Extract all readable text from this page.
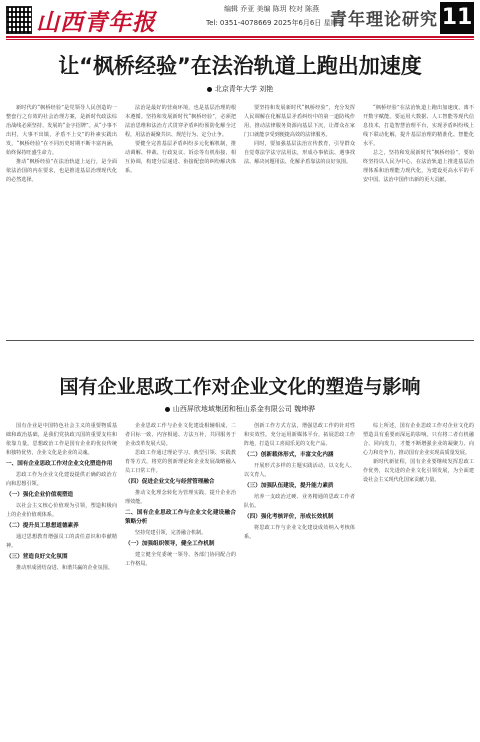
山西青年报	编辑 乔亚 美编 陈玥 校对 陈燕
Tel: 0351-4078669 2025年6月6日 星期五
青年理论研究 11
让“枫桥经验”在法治轨道上跑出加速度
北京青年大学 刘艳

新时代的“枫桥经验”是党领导人民创造的一整套行之有效的社会治理方案，是新时代政法综治战线必须坚持、发展的“金字招牌”。从“小事不出村，大事不出镇，矛盾不上交”的朴素实践出发，“枫桥经验”在不同历史时期不断丰富内涵，始终保持旺盛生命力。

推动“枫桥经验”在法治轨道上运行，是全面依法治国的内在要求，也是推进基层治理现代化的必然选择。

法治是最好的营商环境，也是基层治理的根本遵循。坚持和发展新时代“枫桥经验”，必须把法治思维和法治方式贯穿矛盾纠纷预防化解全过程，用法治凝聚共识、规范行为、定分止争。

要健全完善基层矛盾纠纷多元化解机制，推动调解、仲裁、行政复议、诉讼等有机衔接、相互协调，构建分层递进、衔接配套的纠纷解决体系。

要坚持和发展新时代“枫桥经验”，充分发挥人民调解在化解基层矛盾纠纷中的第一道防线作用，推动法律服务资源向基层下沉，让群众在家门口就能享受到便捷高效的法律服务。

同时，要加强基层法治宣传教育，引导群众自觉尊法学法守法用法，形成办事依法、遇事找法、解决问题用法、化解矛盾靠法的良好氛围。

“枫桥经验”在法治轨道上跑出加速度，离不开数字赋能。要运用大数据、人工智能等现代信息技术，打造智慧治理平台，实现矛盾纠纷线上线下联动化解，提升基层治理的精准化、智能化水平。

总之，坚持和发展新时代“枫桥经验”，要始终坚持以人民为中心，在法治轨道上推进基层治理体系和治理能力现代化，为建设更高水平的平安中国、法治中国作出新的更大贡献。

国有企业思政工作对企业文化的塑造与影响
山西屏欣地域集团和桓山系金有限公司 魏坤骅

国有企业是中国特色社会主义的重要物质基础和政治基础，是我们党执政兴国的重要支柱和依靠力量。思想政治工作是国有企业的优良传统和独特优势，企业文化是企业的灵魂。

一、国有企业思政工作对企业文化塑造作用

思政工作为企业文化建设提供正确的政治方向和思想引领。

（一）强化企业价值观塑造

以社会主义核心价值观为引领，塑造积极向上的企业价值观体系。

（二）提升员工思想道德素养

通过思想教育增强员工的责任意识和奉献精神。

（三）营造良好文化氛围

推动形成团结奋进、和谐共赢的企业氛围。

企业思政工作与企业文化建设相辅相成，二者目标一致、内容相通、方法互补，共同服务于企业改革发展大局。

思政工作通过理论学习、典型引领、实践教育等方式，将党的创新理论和企业发展战略融入员工日常工作。

（四）促进企业文化与经营管理融合

推动文化理念转化为管理实践，提升企业治理效能。

二、国有企业思政工作与企业文化建设融合策略分析

坚持党建引领，完善融合机制。

（一）加强组织领导，健全工作机制

建立健全党委统一领导、各部门协同配合的工作格局。

创新工作方式方法，增强思政工作的针对性和实效性。充分运用新媒体平台，拓展思政工作阵地，打造员工喜闻乐见的文化产品。

（二）创新载体形式，丰富文化内涵

开展形式多样的主题实践活动，以文化人、以文育人。

（三）加强队伍建设，提升能力素质

培养一支政治过硬、业务精通的思政工作者队伍。

（四）强化考核评价，形成长效机制

将思政工作与企业文化建设成效纳入考核体系。

综上所述，国有企业思政工作对企业文化的塑造具有重要而深远的影响。只有将二者有机融合、同向发力，才能不断增强企业的凝聚力、向心力和竞争力，推动国有企业实现高质量发展。

新时代新征程，国有企业要继续发挥思政工作优势，以先进的企业文化引领发展，为全面建设社会主义现代化国家贡献力量。
